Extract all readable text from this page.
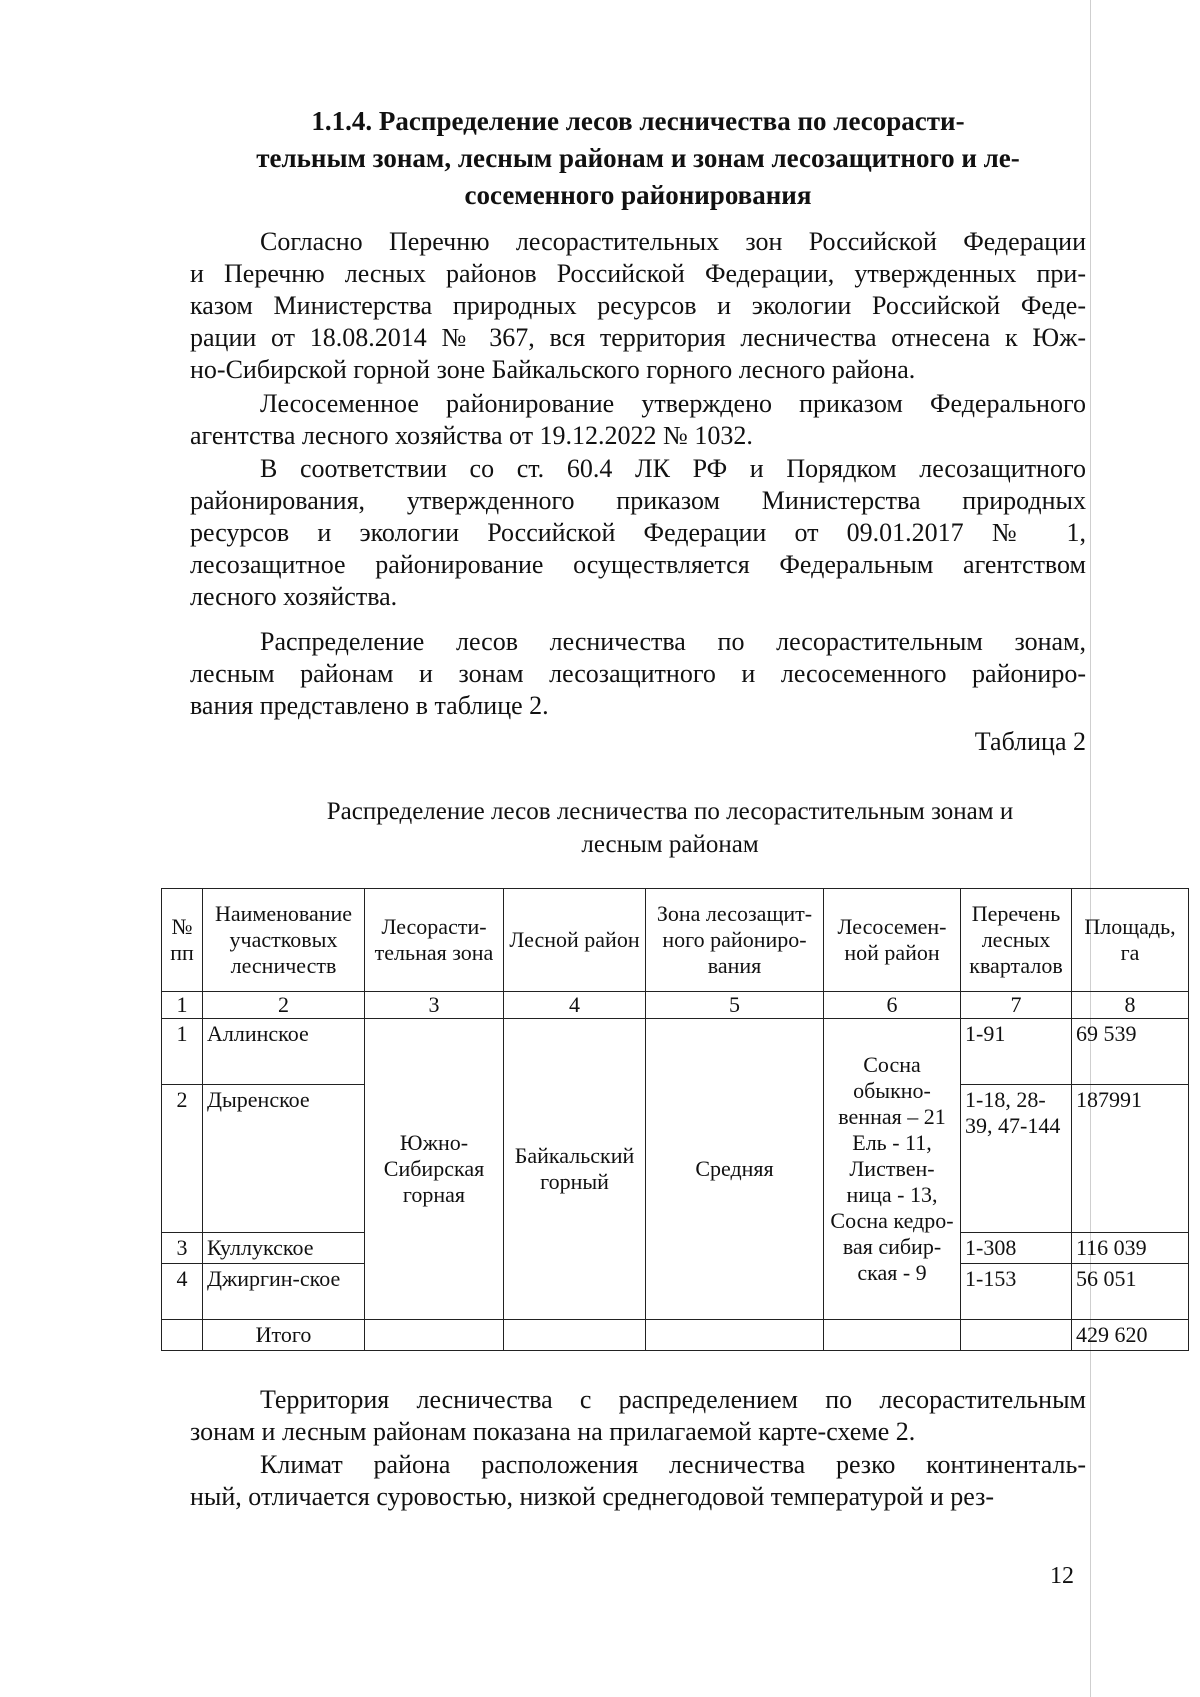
1.1.4. Распределение лесов лесничества по лесорасти-
тельным зонам, лесным районам и зонам лесозащитного и ле-
сосеменного районирования
Согласно Перечню лесорастительных зон Российской Федерации
и Перечню лесных районов Российской Федерации, утвержденных при-
казом Министерства природных ресурсов и экологии Российской Феде-
рации от 18.08.2014 № 367, вся территория лесничества отнесена к Юж-
но-Сибирской горной зоне Байкальского горного лесного района.
Лесосеменное районирование утверждено приказом Федерального
агентства лесного хозяйства от 19.12.2022 № 1032.
В соответствии со ст. 60.4 ЛК РФ и Порядком лесозащитного
районирования, утвержденного приказом Министерства природных
ресурсов и экологии Российской Федерации от 09.01.2017 № 1,
лесозащитное районирование осуществляется Федеральным агентством
лесного хозяйства.
Распределение лесов лесничества по лесорастительным зонам,
лесным районам и зонам лесозащитного и лесосеменного райониро-
вания представлено в таблице 2.
Таблица 2
Распределение лесов лесничества по лесорастительным зонам и
лесным районам
№ пп	Наименование участковых лесничеств	Лесорасти-тельная зона	Лесной район	Зона лесозащит-ного райониро-вания	Лесосемен-ной район	Перечень лесных кварталов	Площадь, га
1	2	3	4	5	6	7	8
1	Аллинское	Южно-Сибирская горная	Байкальский горный	Средняя	Сосна обыкно-венная – 21 Ель - 11, Листвен-ница - 13, Сосна кедро-вая сибир-ская - 9	1-91	69 539
2	Дыренское					1-18, 28-39, 47-144	187991
3	Куллукское					1-308	116 039
4	Джиргин-ское					1-153	56 051
	Итого						429 620
Территория лесничества с распределением по лесорастительным
зонам и лесным районам показана на прилагаемой карте-схеме 2.
Климат района расположения лесничества резко континенталь-
ный, отличается суровостью, низкой среднегодовой температурой и рез-
12
